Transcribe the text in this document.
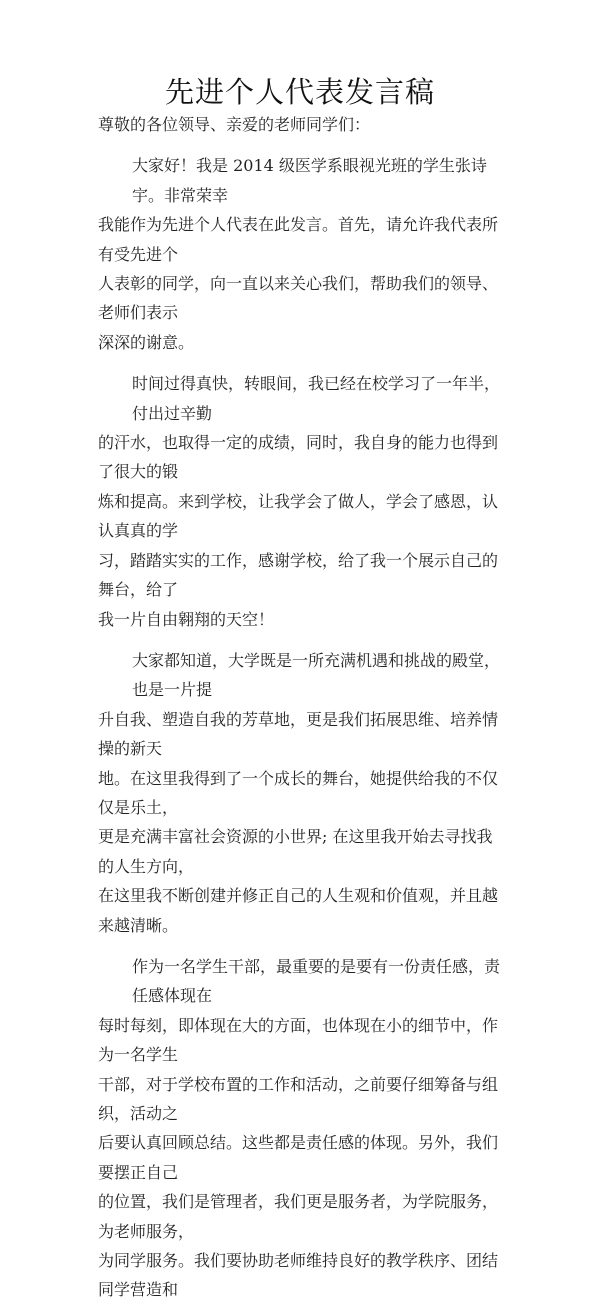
先进个人代表发言稿
尊敬的各位领导、亲爱的老师同学们：
大家好！我是 2014 级医学系眼视光班的学生张诗宇。非常荣幸
我能作为先进个人代表在此发言。首先，请允许我代表所有受先进个
人表彰的同学，向一直以来关心我们，帮助我们的领导、老师们表示
深深的谢意。
时间过得真快，转眼间，我已经在校学习了一年半，付出过辛勤
的汗水，也取得一定的成绩，同时，我自身的能力也得到了很大的锻
炼和提高。来到学校，让我学会了做人，学会了感恩，认认真真的学
习，踏踏实实的工作，感谢学校，给了我一个展示自己的舞台，给了
我一片自由翱翔的天空！
大家都知道，大学既是一所充满机遇和挑战的殿堂，也是一片提
升自我、塑造自我的芳草地，更是我们拓展思维、培养情操的新天
地。在这里我得到了一个成长的舞台，她提供给我的不仅仅是乐土，
更是充满丰富社会资源的小世界; 在这里我开始去寻找我的人生方向，
在这里我不断创建并修正自己的人生观和价值观，并且越来越清晰。
作为一名学生干部，最重要的是要有一份责任感，责任感体现在
每时每刻，即体现在大的方面，也体现在小的细节中，作为一名学生
干部，对于学校布置的工作和活动，之前要仔细筹备与组织，活动之
后要认真回顾总结。这些都是责任感的体现。另外，我们要摆正自己
的位置，我们是管理者，我们更是服务者，为学院服务，为老师服务，
为同学服务。我们要协助老师维持良好的教学秩序、团结同学营造和
